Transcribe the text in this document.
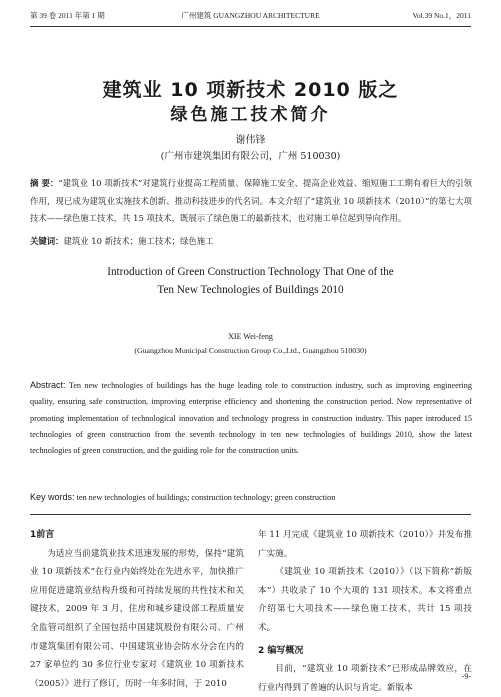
第 39 卷 2011 年第 1 期	广州建筑 GUANGZHOU ARCHITECTURE	Vol.39 No.1，2011
建筑业 10 项新技术 2010 版之
绿色施工技术简介
谢伟锋
(广州市建筑集团有限公司，广州 510030)
摘 要：“建筑业 10 项新技术”对建筑行业提高工程质量、保障施工安全、提高企业效益、缩短施工工期有着巨大的引领作用，现已成为建筑业实施技术创新、推动科技进步的代名词。本文介绍了“建筑业 10 项新技术（2010）”的第七大项技术——绿色施工技术，共 15 项技术，既展示了绿色施工的最新技术，也对施工单位起到导向作用。
关键词：建筑业 10 新技术；施工技术；绿色施工
Introduction of Green Construction Technology That One of the
Ten New Technologies of Buildings 2010
XIE Wei-feng
(Guangzhou Municipal Construction Group Co.,Ltd., Guangzhou 510030)
Abstract: Ten new technologies of buildings has the huge leading role to construction industry, such as improving engineering quality, ensuring safe construction, improving enterprise efficiency and shortening the construction period. Now representative of promoting implementation of technological innovation and technology progress in construction industry. This paper introduced 15 technologies of green construction from the seventh technology in ten new technologies of buildings 2010, show the latest technologies of green construction, and the guiding role for the construction units.
Key words: ten new technologies of buildings; construction technology; green construction

1前言

为适应当前建筑业技术迅速发展的形势，保持“建筑业 10 项新技术”在行业内始终处在先进水平，加快推广应用促进建筑业结构升级和可持续发展的共性技术和关键技术，2009 年 3 月，住房和城乡建设部工程质量安全监管司组织了全国包括中国建筑股份有限公司、广州市建筑集团有限公司、中国建筑业协会防水分会在内的 27 家单位约 30 多位行业专家对《建筑业 10 项新技术（2005）》进行了修订，历时一年多时间，于 2010

年 11 月完成《建筑业 10 项新技术（2010）》并发布推广实施。

《建筑业 10 项新技术（2010）》（以下简称“新版本”）共收录了 10 个大项的 131 项技术。本文将重点介绍第七大项技术——绿色施工技术，共计 15 项技术。

2 编写概况

目前，“建筑业 10 项新技术”已形成品牌效应，在行业内得到了普遍的认识与肯定。新版本

-9-
